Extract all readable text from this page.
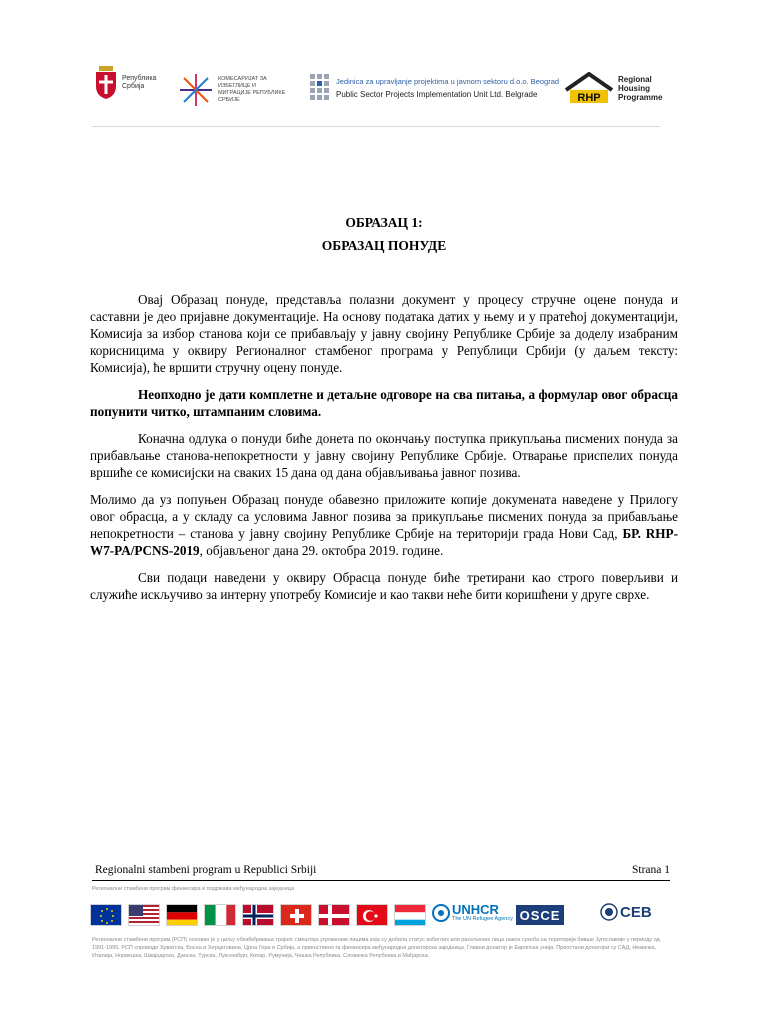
Република Србија
КОМЕСАРИЈАТ ЗА ИЗБЕГЛИЦЕ И МИГРАЦИЈЕ РЕПУБЛИКЕ СРБИЈЕ
Jedinica za upravljanje projektima u javnom sektoru d.o.o. Beograd
Public Sector Projects Implementation Unit Ltd. Belgrade	RHP
Regional Housing Programme
ОБРАЗАЦ 1:
ОБРАЗАЦ ПОНУДЕ

Овај Образац понуде, представља полазни документ у процесу стручне оцене понуда и саставни је део пријавне документације. На основу података датих у њему и у пратећој документацији, Комисија за избор станова који се прибављају у јавну својину Републике Србије за доделу изабраним корисницима у оквиру Регионалног стамбеног програма у Републици Србији (у даљем тексту: Комисија), ће вршити стручну оцену понуде.

Неопходно је дати комплетне и детаљне одговоре на сва питања, а формулар овог обрасца попунити читко, штампаним словима.

Коначна одлука о понуди биће донета по окончању поступка прикупљања писмених понуда за прибављање станова-непокретности у јавну својину Републике Србије. Отварање приспелих понуда вршиће се комисијски на сваких 15 дана од дана објављивања јавног позива.

Молимо да уз попуњен Образац понуде обавезно приложите копије докумената наведене у Прилогу овог обрасца, а у складу са условима Јавног позива за прикупљање писмених понуда за прибављање непокретности – станова у јавну својину Републике Србије на територији града Нови Сад, БР. RHP-W7-PA/PCNS-2019, објављеног дана 29. октобра 2019. године.

Сви подаци наведени у оквиру Обрасца понуде биће третирани као строго поверљиви и служиће искључиво за интерну употребу Комисије и као такви неће бити коришћени у друге сврхе.

Regionalni stambeni program u Republici Srbiji	Strana 1
Регионални стамбени програм финансира и подржава међународна заједница
UNHCR
The UN Refugee Agency OSCE	CEB
Регионални стамбени програм (РСП) основан је у циљу обезбеђивања трајног смештаја угроженим лицима која су добила статус избеглих или расељених лица након сукоба на територији бивше Југославије у периоду од 1991-1995. РСП спроводе Хрватска, Босна и Херцеговина, Црна Гора и Србија, а првенствено га финансира међународна донаторска заједница. Главни донатор је Европска унија. Преостали донатори су САД, Немачка, Италија, Норвешка, Швајцарска, Данска, Турска, Луксембург, Кипар, Румунија, Чешка Република, Словачка Република и Мађарска.
